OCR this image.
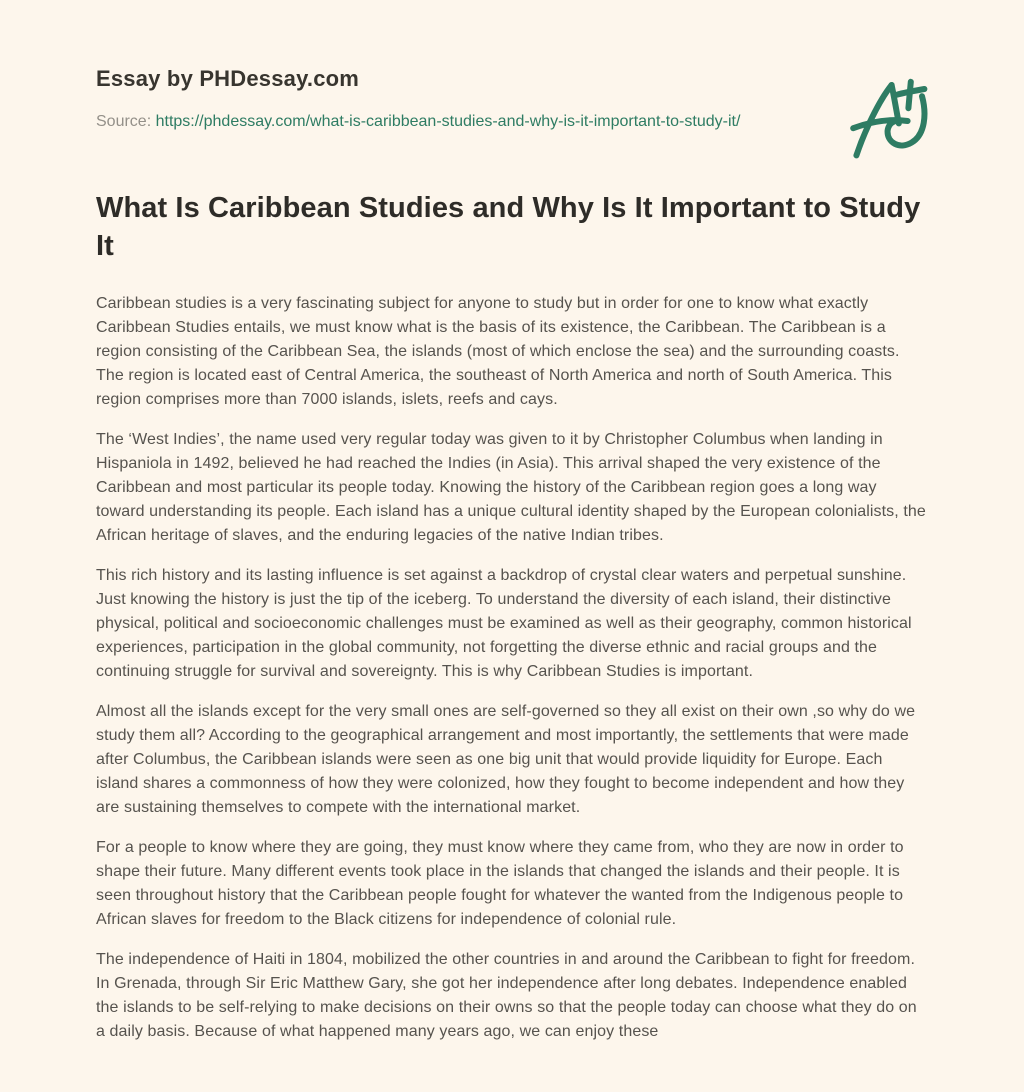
Essay by PHDessay.com
Source: https://phdessay.com/what-is-caribbean-studies-and-why-is-it-important-to-study-it/
What Is Caribbean Studies and Why Is It Important to Study It

Caribbean studies is a very fascinating subject for anyone to study but in order for one to know what exactly Caribbean Studies entails, we must know what is the basis of its existence, the Caribbean. The Caribbean is a region consisting of the Caribbean Sea, the islands (most of which enclose the sea) and the surrounding coasts. The region is located east of Central America, the southeast of North America and north of South America. This region comprises more than 7000 islands, islets, reefs and cays.

The ‘West Indies’, the name used very regular today was given to it by Christopher Columbus when landing in Hispaniola in 1492, believed he had reached the Indies (in Asia). This arrival shaped the very existence of the Caribbean and most particular its people today. Knowing the history of the Caribbean region goes a long way toward understanding its people. Each island has a unique cultural identity shaped by the European colonialists, the African heritage of slaves, and the enduring legacies of the native Indian tribes.

This rich history and its lasting influence is set against a backdrop of crystal clear waters and perpetual sunshine. Just knowing the history is just the tip of the iceberg. To understand the diversity of each island, their distinctive physical, political and socioeconomic challenges must be examined as well as their geography, common historical experiences, participation in the global community, not forgetting the diverse ethnic and racial groups and the continuing struggle for survival and sovereignty. This is why Caribbean Studies is important.

Almost all the islands except for the very small ones are self-governed so they all exist on their own ,so why do we study them all? According to the geographical arrangement and most importantly, the settlements that were made after Columbus, the Caribbean islands were seen as one big unit that would provide liquidity for Europe. Each island shares a commonness of how they were colonized, how they fought to become independent and how they are sustaining themselves to compete with the international market.

For a people to know where they are going, they must know where they came from, who they are now in order to shape their future. Many different events took place in the islands that changed the islands and their people. It is seen throughout history that the Caribbean people fought for whatever the wanted from the Indigenous people to African slaves for freedom to the Black citizens for independence of colonial rule.

The independence of Haiti in 1804, mobilized the other countries in and around the Caribbean to fight for freedom. In Grenada, through Sir Eric Matthew Gary, she got her independence after long debates. Independence enabled the islands to be self-relying to make decisions on their owns so that the people today can choose what they do on a daily basis. Because of what happened many years ago, we can enjoy these
